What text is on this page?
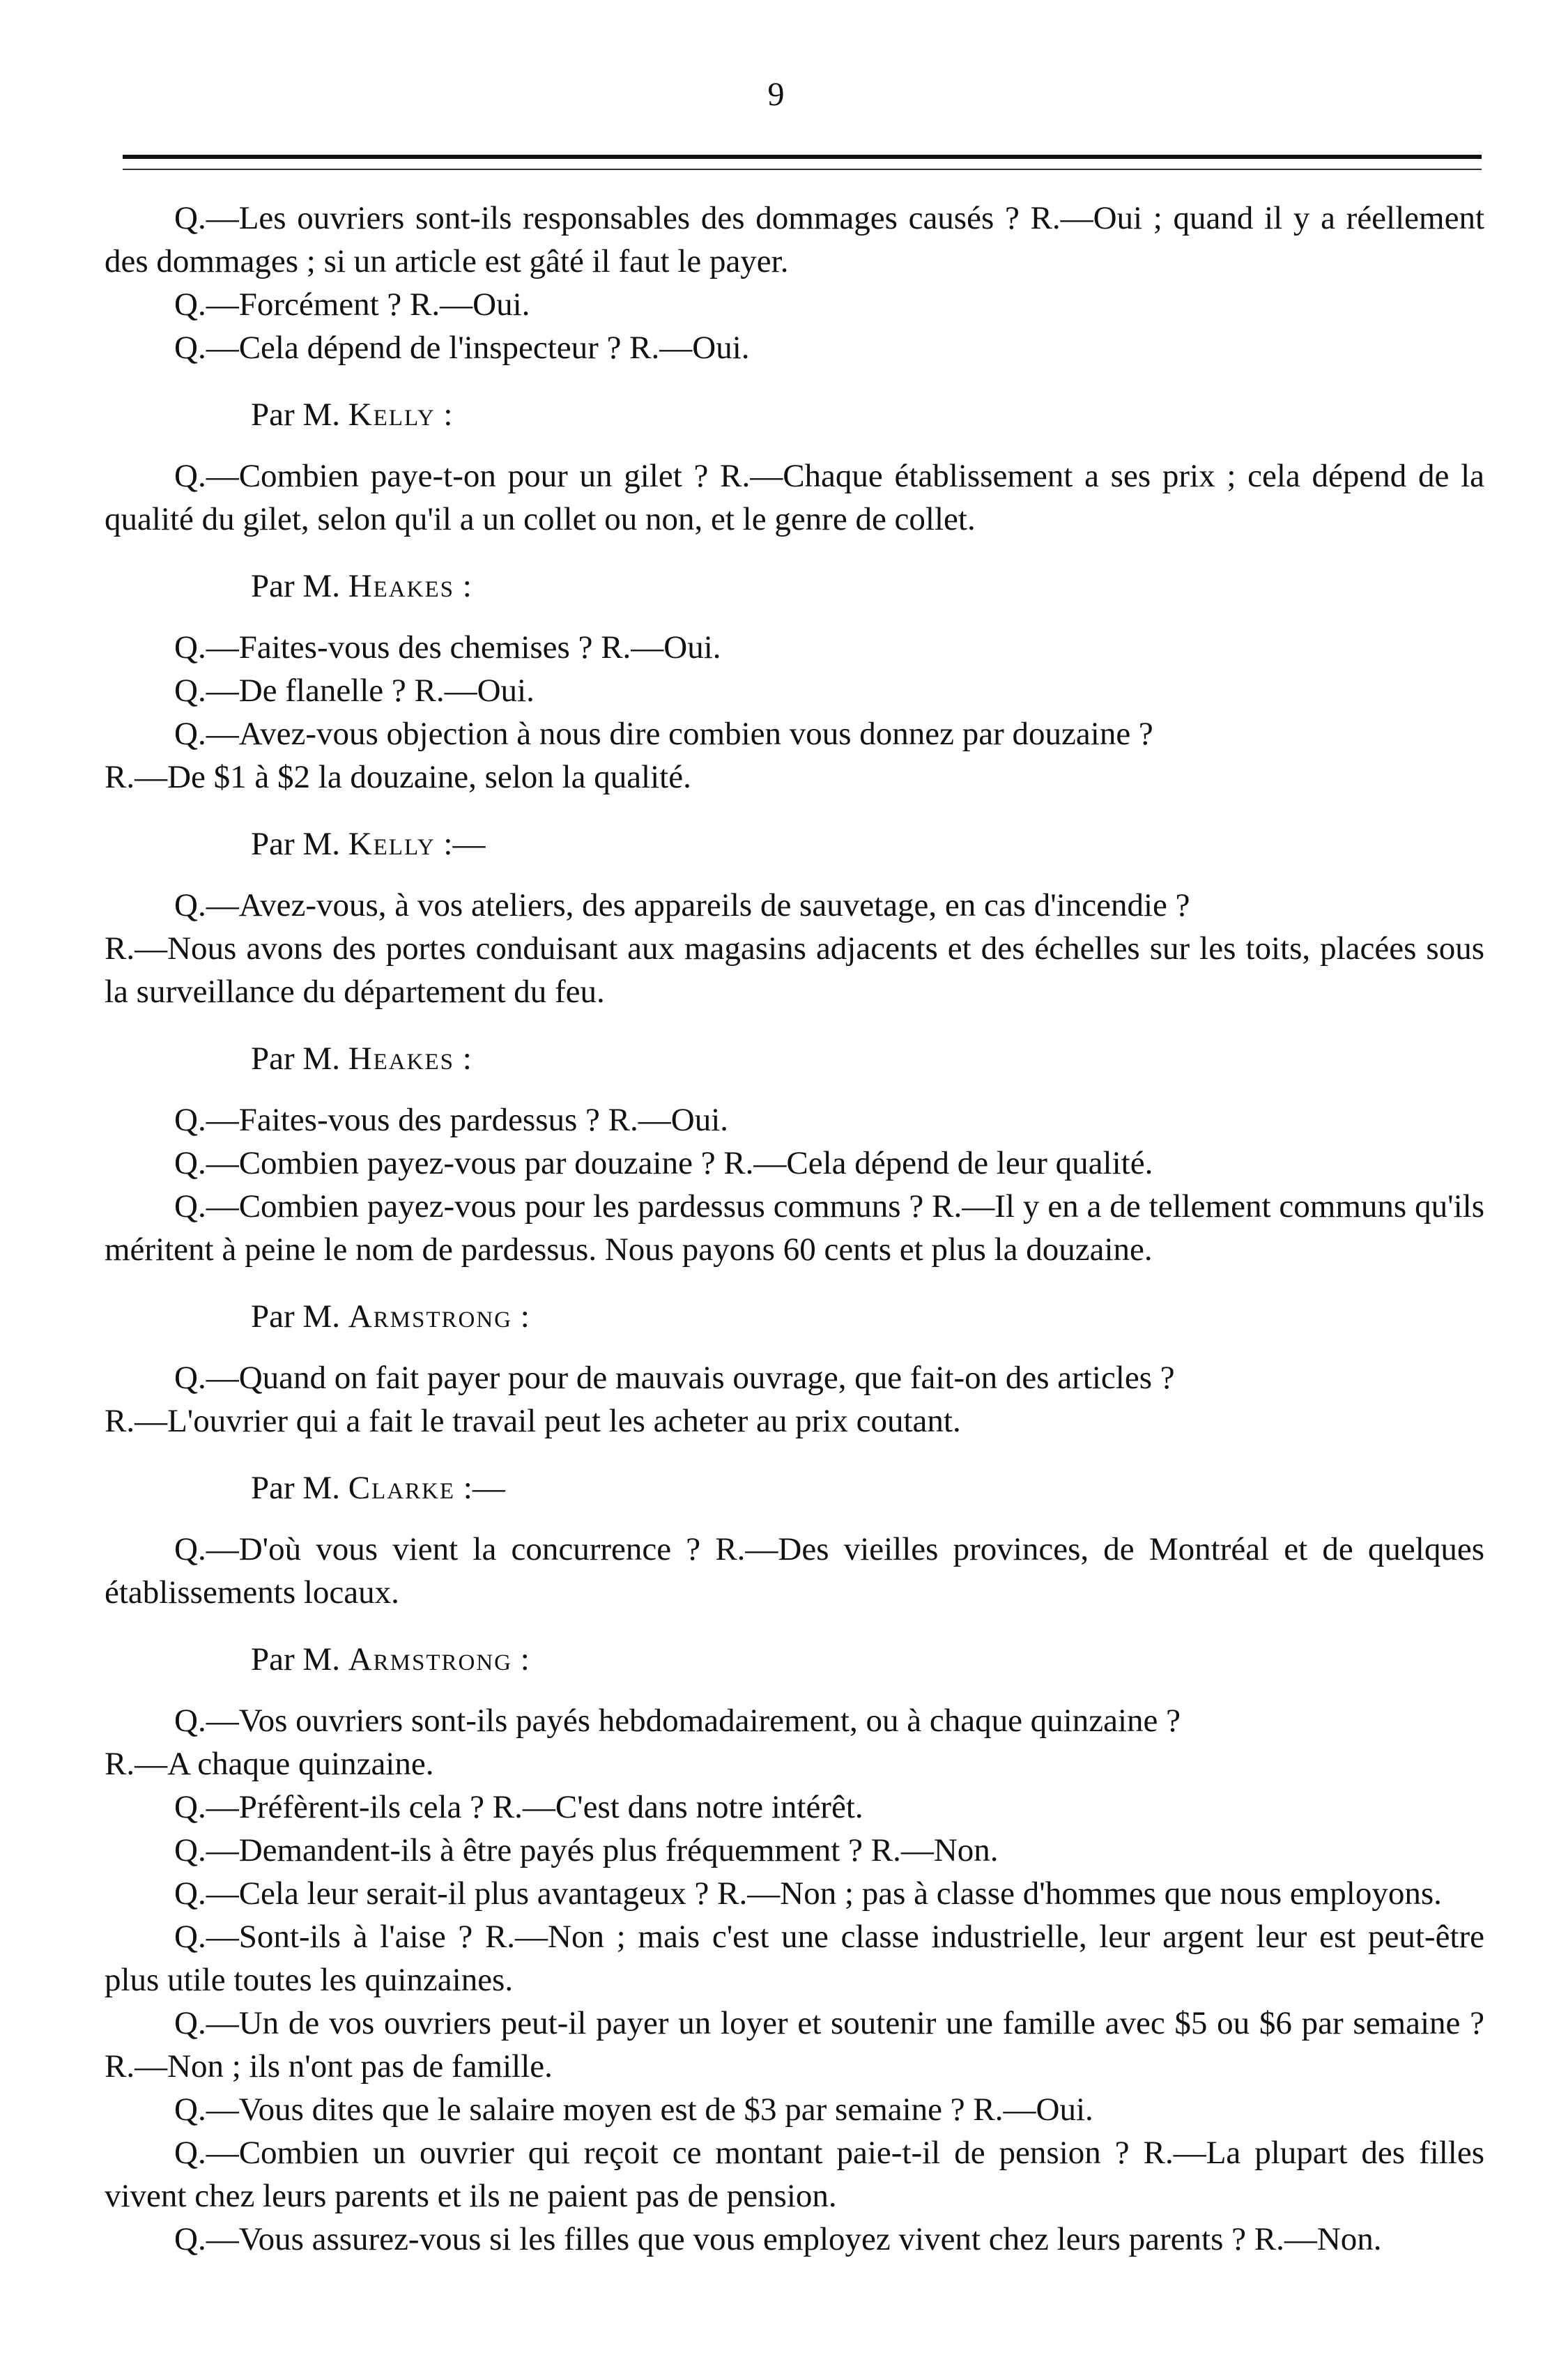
9

Q.—Les ouvriers sont-ils responsables des dommages causés ? R.—Oui ; quand il y a réellement des dommages ; si un article est gâté il faut le payer.

Q.—Forcément ? R.—Oui.

Q.—Cela dépend de l'inspecteur ? R.—Oui.

Par M. Kelly :

Q.—Combien paye-t-on pour un gilet ? R.—Chaque établissement a ses prix ; cela dépend de la qualité du gilet, selon qu'il a un collet ou non, et le genre de collet.

Par M. Heakes :

Q.—Faites-vous des chemises ? R.—Oui.

Q.—De flanelle ? R.—Oui.

Q.—Avez-vous objection à nous dire combien vous donnez par douzaine ?

R.—De $1 à $2 la douzaine, selon la qualité.

Par M. Kelly :—

Q.—Avez-vous, à vos ateliers, des appareils de sauvetage, en cas d'incendie ?

R.—Nous avons des portes conduisant aux magasins adjacents et des échelles sur les toits, placées sous la surveillance du département du feu.

Par M. Heakes :

Q.—Faites-vous des pardessus ? R.—Oui.

Q.—Combien payez-vous par douzaine ? R.—Cela dépend de leur qualité.

Q.—Combien payez-vous pour les pardessus communs ? R.—Il y en a de tellement communs qu'ils méritent à peine le nom de pardessus. Nous payons 60 cents et plus la douzaine.

Par M. Armstrong :

Q.—Quand on fait payer pour de mauvais ouvrage, que fait-on des articles ?

R.—L'ouvrier qui a fait le travail peut les acheter au prix coutant.

Par M. Clarke :—

Q.—D'où vous vient la concurrence ? R.—Des vieilles provinces, de Montréal et de quelques établissements locaux.

Par M. Armstrong :

Q.—Vos ouvriers sont-ils payés hebdomadairement, ou à chaque quinzaine ?

R.—A chaque quinzaine.

Q.—Préfèrent-ils cela ? R.—C'est dans notre intérêt.

Q.—Demandent-ils à être payés plus fréquemment ? R.—Non.

Q.—Cela leur serait-il plus avantageux ? R.—Non ; pas à classe d'hommes que nous employons.

Q.—Sont-ils à l'aise ? R.—Non ; mais c'est une classe industrielle, leur argent leur est peut-être plus utile toutes les quinzaines.

Q.—Un de vos ouvriers peut-il payer un loyer et soutenir une famille avec $5 ou $6 par semaine ? R.—Non ; ils n'ont pas de famille.

Q.—Vous dites que le salaire moyen est de $3 par semaine ? R.—Oui.

Q.—Combien un ouvrier qui reçoit ce montant paie-t-il de pension ? R.—La plupart des filles vivent chez leurs parents et ils ne paient pas de pension.

Q.—Vous assurez-vous si les filles que vous employez vivent chez leurs parents ? R.—Non.
